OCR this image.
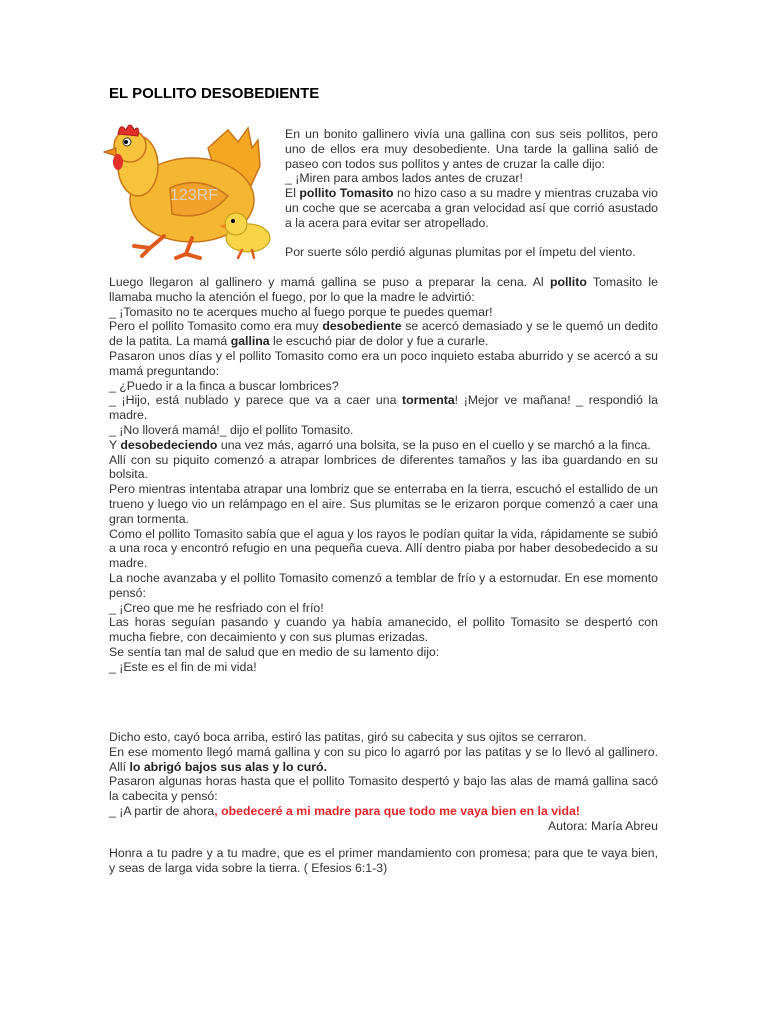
EL POLLITO DESOBEDIENTE
123RF

En un bonito gallinero vivía una gallina con sus seis pollitos, pero uno de ellos era muy desobediente. Una tarde la gallina salió de paseo con todos sus pollitos y antes de cruzar la calle dijo:

_ ¡Miren para ambos lados antes de cruzar!

El pollito Tomasito no hizo caso a su madre y mientras cruzaba vio un coche que se acercaba a gran velocidad así que corrió asustado a la acera para evitar ser atropellado.

Por suerte sólo perdió algunas plumitas por el ímpetu del viento.

Luego llegaron al gallinero y mamá gallina se puso a preparar la cena. Al pollito Tomasito le llamaba mucho la atención el fuego, por lo que la madre le advirtió:

_ ¡Tomasito no te acerques mucho al fuego porque te puedes quemar!

Pero el pollito Tomasito como era muy desobediente se acercó demasiado y se le quemó un dedito de la patita. La mamá gallina le escuchó piar de dolor y fue a curarle.

Pasaron unos días y el pollito Tomasito como era un poco inquieto estaba aburrido y se acercó a su mamá preguntando:

_ ¿Puedo ir a la finca a buscar lombrices?

_ ¡Hijo, está nublado y parece que va a caer una tormenta! ¡Mejor ve mañana! _ respondió la madre.

_ ¡No lloverá mamá!_ dijo el pollito Tomasito.

Y desobedeciendo una vez más, agarró una bolsita, se la puso en el cuello y se marchó a la finca.

Allí con su piquito comenzó a atrapar lombrices de diferentes tamaños y las iba guardando en su bolsita.

Pero mientras intentaba atrapar una lombriz que se enterraba en la tierra, escuchó el estallido de un trueno y luego vio un relámpago en el aire. Sus plumitas se le erizaron porque comenzó a caer una gran tormenta.

Como el pollito Tomasito sabía que el agua y los rayos le podían quitar la vida, rápidamente se subió a una roca y encontró refugio en una pequeña cueva. Allí dentro piaba por haber desobedecido a su madre.

La noche avanzaba y el pollito Tomasito comenzó a temblar de frío y a estornudar. En ese momento pensó:

_ ¡Creo que me he resfriado con el frío!

Las horas seguían pasando y cuando ya había amanecido, el pollito Tomasito se despertó con mucha fiebre, con decaimiento y con sus plumas erizadas.

Se sentía tan mal de salud que en medio de su lamento dijo:

_ ¡Este es el fin de mi vida!

Dicho esto, cayó boca arriba, estiró las patitas, giró su cabecita y sus ojitos se cerraron.

En ese momento llegó mamá gallina y con su pico lo agarró por las patitas y se lo llevó al gallinero. Allí lo abrigó bajos sus alas y lo curó.

Pasaron algunas horas hasta que el pollito Tomasito despertó y bajo las alas de mamá gallina sacó la cabecita y pensó:

_ ¡A partir de ahora, obedeceré a mi madre para que todo me vaya bien en la vida!

Autora: María Abreu

Honra a tu padre y a tu madre, que es el primer mandamiento con promesa; para que te vaya bien, y seas de larga vida sobre la tierra. ( Efesios 6:1-3)
